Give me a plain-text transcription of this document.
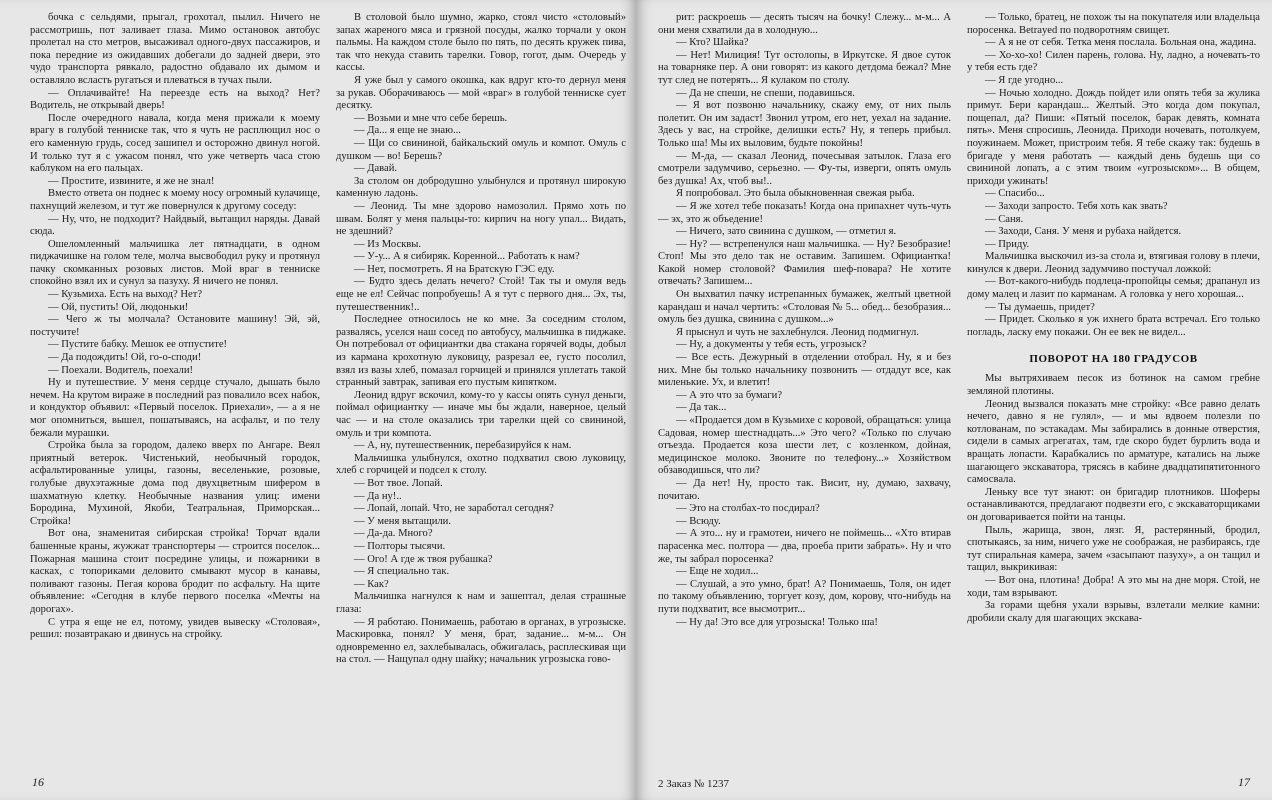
бочка с сельдями, прыгал, грохотал, пылил. Ничего не рассмотришь, пот заливает глаза. Мимо остановок автобус пролетал на сто метров, высаживал одного-двух пассажиров, и пока передние из ожидавших добегали до задней двери, это чудо транспорта рявкало, радостно обдавало их дымом и оставляло всласть ругаться и плеваться в тучах пыли.

— Оплачивайте! На переезде есть на выход? Нет? Водитель, не открывай дверь!

После очередного навала, когда меня прижали к моему врагу в голубой тенниске так, что я чуть не расплющил нос о его каменную грудь, сосед зашипел и осторожно двинул ногой. И только тут я с ужасом понял, что уже четверть часа стою каблуком на его пальцах.

— Простите, извините, я же не знал!

Вместо ответа он поднес к моему носу огромный кулачище, пахнущий железом, и тут же повернулся к другому соседу:

— Ну, что, не подходит? Найдвый, вытащил наряды. Давай сюда.

Ошеломленный мальчишка лет пятнадцати, в одном пиджачишке на голом теле, молча высвободил руку и протянул пачку скомканных розовых листов. Мой враг в тенниске спокойно взял их и сунул за пазуху. Я ничего не понял.

— Кузьмиха. Есть на выход? Нет?

— Ой, пустить! Ой, людоньки!

— Чего ж ты молчала? Остановите машину! Эй, эй, постучите!

— Пустите бабку. Мешок ее отпустите!

— Да подождить! Ой, го-о-споди!

— Поехали. Водитель, поехали!

Ну и путешествие. У меня сердце стучало, дышать было нечем. На крутом вираже в последний раз повалило всех набок, и кондуктор объявил: «Первый поселок. Приехали», — а я не мог опомниться, вышел, пошатываясь, на асфальт, и по телу бежали мурашки.

Стройка была за городом, далеко вверх по Ангаре. Веял приятный ветерок. Чистенький, необычный городок, асфальтированные улицы, газоны, веселенькие, розовые, голубые двухэтажные дома под двухцветным шифером в шахматную клетку. Необычные названия улиц: имени Бородина, Мухиной, Якоби, Театральная, Приморская... Стройка!

Вот она, знаменитая сибирская стройка! Торчат вдали башенные краны, жужжат транспортеры — строится поселок... Пожарная машина стоит посредине улицы, и пожарники в касках, с топориками деловито смывают мусор в канавы, поливают газоны. Пегая корова бродит по асфальту. На щите объявление: «Сегодня в клубе первого поселка «Мечты на дорогах».

С утра я еще не ел, потому, увидев вывеску «Столовая», решил: позавтракаю и двинусь на стройку.

В столовой было шумно, жарко, стоял чисто «столовый» запах жареного мяса и грязной посуды, жалко торчали у окон пальмы. На каждом столе было по пять, по десять кружек пива, так что некуда ставить тарелки. Говор, гогот, дым. Очередь у кассы.

Я уже был у самого окошка, как вдруг кто-то дернул меня за рукав. Оборачиваюсь — мой «враг» в голубой тенниске сует десятку.

— Возьми и мне что себе берешь.

— Да... я еще не знаю...

— Щи со свининой, байкальский омуль и компот. Омуль с душком — во! Берешь?

— Давай.

За столом он добродушно улыбнулся и протянул широкую каменную ладонь.

— Леонид. Ты мне здорово намозолил. Прямо хоть по швам. Болят у меня пальцы-то: кирпич на ногу упал... Видать, не здешний?

— Из Москвы.

— У-у... А я сибиряк. Коренной... Работать к нам?

— Нет, посмотреть. Я на Братскую ГЭС еду.

— Будто здесь делать нечего? Стой! Так ты и омуля ведь еще не ел! Сейчас попробуешь! А я тут с первого дня... Эх, ты, путешественник!..

Последнее относилось не ко мне. За соседним столом, развалясь, уселся наш сосед по автобусу, мальчишка в пиджаке. Он потребовал от официантки два стакана горячей воды, добыл из кармана крохотную луковицу, разрезал ее, густо посолил, взял из вазы хлеб, помазал горчицей и принялся уплетать такой странный завтрак, запивая его пустым кипятком.

Леонид вдруг вскочил, кому-то у кассы опять сунул деньги, поймал официантку — иначе мы бы ждали, наверное, целый час — и на столе оказались три тарелки щей со свининой, омуль и три компота.

— А, ну, путешественник, перебазируйся к нам.

Мальчишка улыбнулся, охотно подхватил свою луковицу, хлеб с горчицей и подсел к столу.

— Вот твое. Лопай.

— Да ну!..

— Лопай, лопай. Что, не заработал сегодня?

— У меня вытащили.

— Да-да. Много?

— Полторы тысячи.

— Ого! А где ж твоя рубашка?

— Я специально так.

— Как?

Мальчишка нагнулся к нам и зашептал, делая страшные глаза:

— Я работаю. Понимаешь, работаю в органах, в угрозыске. Маскировка, понял? У меня, брат, задание... м-м... Он одновременно ел, захлебывалась, обжигалась, расплескивая щи на стол. — Нащупал одну шайку; начальник угрозыска гово-

16

рит: раскроешь — десять тысяч на бочку! Слежу... м-м... А они меня схватили да в холодную...

— Кто? Шайка?

— Нет! Милиция! Тут остолопы, в Иркутске. Я двое суток на товарняке пер. А они говорят: из какого детдома бежал? Мне тут след не потерять... Я кулаком по столу.

— Да не спеши, не спеши, подавишься.

— Я вот позвоню начальнику, скажу ему, от них пыль полетит. Он им задаст! Звонил утром, его нет, уехал на задание. Здесь у вас, на стройке, делишки есть? Ну, я теперь прибыл. Только ша! Мы их выловим, будьте покойны!

— М-да, — сказал Леонид, почесывая затылок. Глаза его смотрели задумчиво, серьезно. — Фу-ты, изверги, опять омуль без душка! Ах, чтоб вы!..

Я попробовал. Это была обыкновенная свежая рыба.

— Я же хотел тебе показать! Когда она припахнет чуть-чуть — эх, это ж объедение!

— Ничего, зато свинина с душком, — отметил я.

— Ну? — встрепенулся наш мальчишка. — Ну? Безобразие! Стоп! Мы это дело так не оставим. Запишем. Официантка! Какой номер столовой? Фамилия шеф-повара? Не хотите отвечать? Запишем...

Он выхватил пачку истрепанных бумажек, желтый цветной карандаш и начал чертить: «Столовая № 5... обед... безобразия... омуль без душка, свинина с душком...»

Я прыснул и чуть не захлебнулся. Леонид подмигнул.

— Ну, а документы у тебя есть, угрозыск?

— Все есть. Дежурный в отделении отобрал. Ну, я и без них. Мне бы только начальнику позвонить — отдадут все, как миленькие. Ух, и влетит!

— А это что за бумаги?

— Да так...

— «Продается дом в Кузьмихе с коровой, обращаться: улица Садовая, номер шестнадцать...» Это чего? «Только по случаю отъезда. Продается коза шести лет, с козленком, дойная, медицинское молоко. Звоните по телефону...» Хозяйством обзаводишься, что ли?

— Да нет! Ну, просто так. Висит, ну, думаю, захвачу, почитаю.

— Это на столбах-то посдирал?

— Всюду.

— А это... ну и грамотеи, ничего не поймешь... «Хто втирав парасенка мес. полтора — два, проеба прити забрать». Ну и что же, ты забрал поросенка?

— Еще не ходил...

— Слушай, а это умно, брат! А? Понимаешь, Толя, он идет по такому объявлению, торгует козу, дом, корову, что-нибудь на пути подхватит, все высмотрит...

— Ну да! Это все для угрозыска! Только ша!

— Только, братец, не похож ты на покупателя или владельца поросенка. Betrayed по подворотням свищет.

— А я не от себя. Тетка меня послала. Больная она, жадина.

— Хо-хо-хо! Силен парень, голова. Ну, ладно, а ночевать-то у тебя есть где?

— Я где угодно...

— Ночью холодно. Дождь пойдет или опять тебя за жулика примут. Бери карандаш... Желтый. Это когда дом покупал, пощепал, да? Пиши: «Пятый поселок, барак девять, комната пять». Меня спросишь, Леонида. Приходи ночевать, потолкуем, поужинаем. Может, пристроим тебя. Я тебе скажу так: будешь в бригаде у меня работать — каждый день будешь щи со свининой лопать, а с этим твоим «угрозыском»... В общем, приходи ужинать!

— Спасибо...

— Заходи запросто. Тебя хоть как звать?

— Саня.

— Заходи, Саня. У меня и рубаха найдется.

— Приду.

Мальчишка выскочил из-за стола и, втягивая голову в плечи, кинулся к двери. Леонид задумчиво постучал ложкой:

— Вот-какого-нибудь подлеца-пропойцы семья; драпанул из дому малец и лазит по карманам. А головка у него хорошая...

— Ты думаешь, придет?

— Придет. Сколько я уж ихнего брата встречал. Его только погладь, ласку ему покажи. Он ее век не видел...

ПОВОРОТ НА 180 ГРАДУСОВ

Мы вытряхиваем песок из ботинок на самом гребне земляной плотины.

Леонид вызвался показать мне стройку: «Все равно делать нечего, давно я не гулял», — и мы вдвоем полезли по котлованам, по эстакадам. Мы забирались в донные отверстия, сидели в самых агрегатах, там, где скоро будет бурлить вода и вращать лопасти. Карабкались по арматуре, катались на лыже шагающего экскаватора, трясясь в кабине двадцатипятитонного самосвала.

Леньку все тут знают: он бригадир плотников. Шоферы останавливаются, предлагают подвезти его, с экскаваторщиками он договаривается пойти на танцы.

Пыль, жарища, звон, лязг. Я, растерянный, бродил, спотыкаясь, за ним, ничего уже не соображая, не разбираясь, где тут спиральная камера, зачем «засыпают пазуху», а он тащил и тащил, выкрикивая:

— Вот она, плотина! Добра! А это мы на дне моря. Стой, не ходи, там взрывают.

За горами щебня ухали взрывы, взлетали мелкие камни: дробили скалу для шагающих экскава-

2 Заказ № 1237	17
